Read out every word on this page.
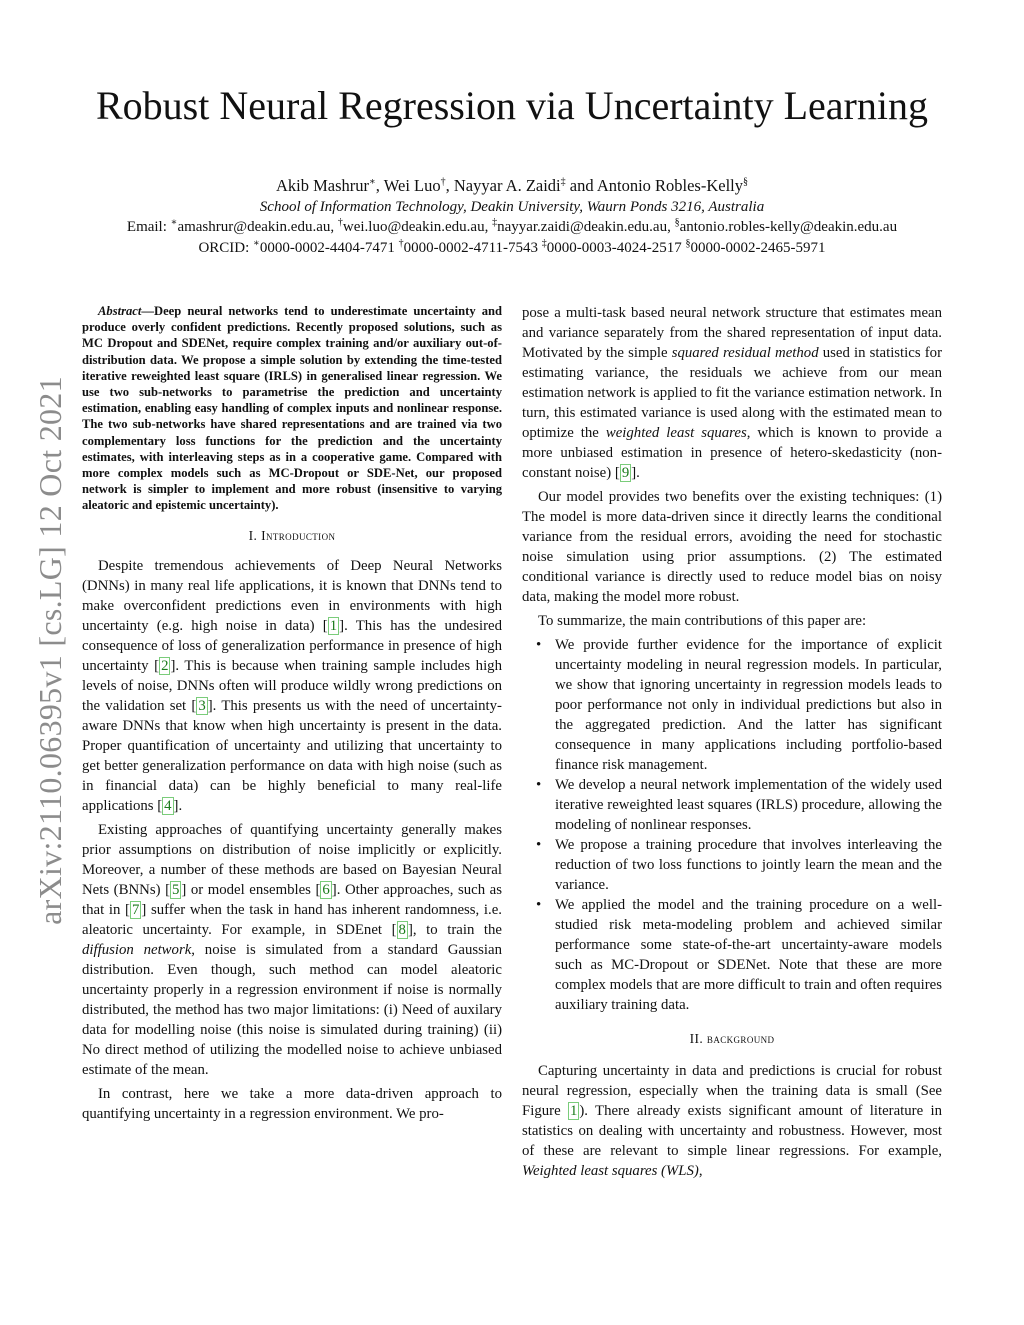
arXiv:2110.06395v1 [cs.LG] 12 Oct 2021
Robust Neural Regression via Uncertainty Learning
Akib Mashrur∗, Wei Luo†, Nayyar A. Zaidi‡ and Antonio Robles-Kelly§
School of Information Technology, Deakin University, Waurn Ponds 3216, Australia
Email: ∗amashrur@deakin.edu.au, †wei.luo@deakin.edu.au, ‡nayyar.zaidi@deakin.edu.au, §antonio.robles-kelly@deakin.edu.au
ORCID: ∗0000-0002-4404-7471 †0000-0002-4711-7543 ‡0000-0003-4024-2517 §0000-0002-2465-5971

Abstract—Deep neural networks tend to underestimate uncertainty and produce overly confident predictions. Recently proposed solutions, such as MC Dropout and SDENet, require complex training and/or auxiliary out-of-distribution data. We propose a simple solution by extending the time-tested iterative reweighted least square (IRLS) in generalised linear regression. We use two sub-networks to parametrise the prediction and uncertainty estimation, enabling easy handling of complex inputs and nonlinear response. The two sub-networks have shared representations and are trained via two complementary loss functions for the prediction and the uncertainty estimates, with interleaving steps as in a cooperative game. Compared with more complex models such as MC-Dropout or SDE-Net, our proposed network is simpler to implement and more robust (insensitive to varying aleatoric and epistemic uncertainty).

I. Introduction

Despite tremendous achievements of Deep Neural Networks (DNNs) in many real life applications, it is known that DNNs tend to make overconfident predictions even in environments with high uncertainty (e.g. high noise in data) [ 1 ]. This has the undesired consequence of loss of generalization performance in presence of high uncertainty [ 2 ]. This is because when training sample includes high levels of noise, DNNs often will produce wildly wrong predictions on the validation set [ 3 ]. This presents us with the need of uncertainty-aware DNNs that know when high uncertainty is present in the data. Proper quantification of uncertainty and utilizing that uncertainty to get better generalization performance on data with high noise (such as in financial data) can be highly beneficial to many real-life applications [ 4 ].

Existing approaches of quantifying uncertainty generally makes prior assumptions on distribution of noise implicitly or explicitly. Moreover, a number of these methods are based on Bayesian Neural Nets (BNNs) [ 5 ] or model ensembles [ 6 ]. Other approaches, such as that in [ 7 ] suffer when the task in hand has inherent randomness, i.e. aleatoric uncertainty. For example, in SDEnet [ 8 ], to train the diffusion network, noise is simulated from a standard Gaussian distribution. Even though, such method can model aleatoric uncertainty properly in a regression environment if noise is normally distributed, the method has two major limitations: (i) Need of auxilary data for modelling noise (this noise is simulated during training) (ii) No direct method of utilizing the modelled noise to achieve unbiased estimate of the mean.

In contrast, here we take a more data-driven approach to quantifying uncertainty in a regression environment. We pro-

pose a multi-task based neural network structure that estimates mean and variance separately from the shared representation of input data. Motivated by the simple squared residual method used in statistics for estimating variance, the residuals we achieve from our mean estimation network is applied to fit the variance estimation network. In turn, this estimated variance is used along with the estimated mean to optimize the weighted least squares, which is known to provide a more unbiased estimation in presence of hetero-skedasticity (non-constant noise) [ 9 ].

Our model provides two benefits over the existing techniques: (1) The model is more data-driven since it directly learns the conditional variance from the residual errors, avoiding the need for stochastic noise simulation using prior assumptions. (2) The estimated conditional variance is directly used to reduce model bias on noisy data, making the model more robust.

To summarize, the main contributions of this paper are:

• We provide further evidence for the importance of explicit uncertainty modeling in neural regression models. In particular, we show that ignoring uncertainty in regression models leads to poor performance not only in individual predictions but also in the aggregated prediction. And the latter has significant consequence in many applications including portfolio-based finance risk management.
• We develop a neural network implementation of the widely used iterative reweighted least squares (IRLS) procedure, allowing the modeling of nonlinear responses.
• We propose a training procedure that involves interleaving the reduction of two loss functions to jointly learn the mean and the variance.
• We applied the model and the training procedure on a well-studied risk meta-modeling problem and achieved similar performance some state-of-the-art uncertainty-aware models such as MC-Dropout or SDENet. Note that these are more complex models that are more difficult to train and often requires auxiliary training data.
II. background

Capturing uncertainty in data and predictions is crucial for robust neural regression, especially when the training data is small (See Figure 1 ). There already exists significant amount of literature in statistics on dealing with uncertainty and robustness. However, most of these are relevant to simple linear regressions. For example, Weighted least squares (WLS),
